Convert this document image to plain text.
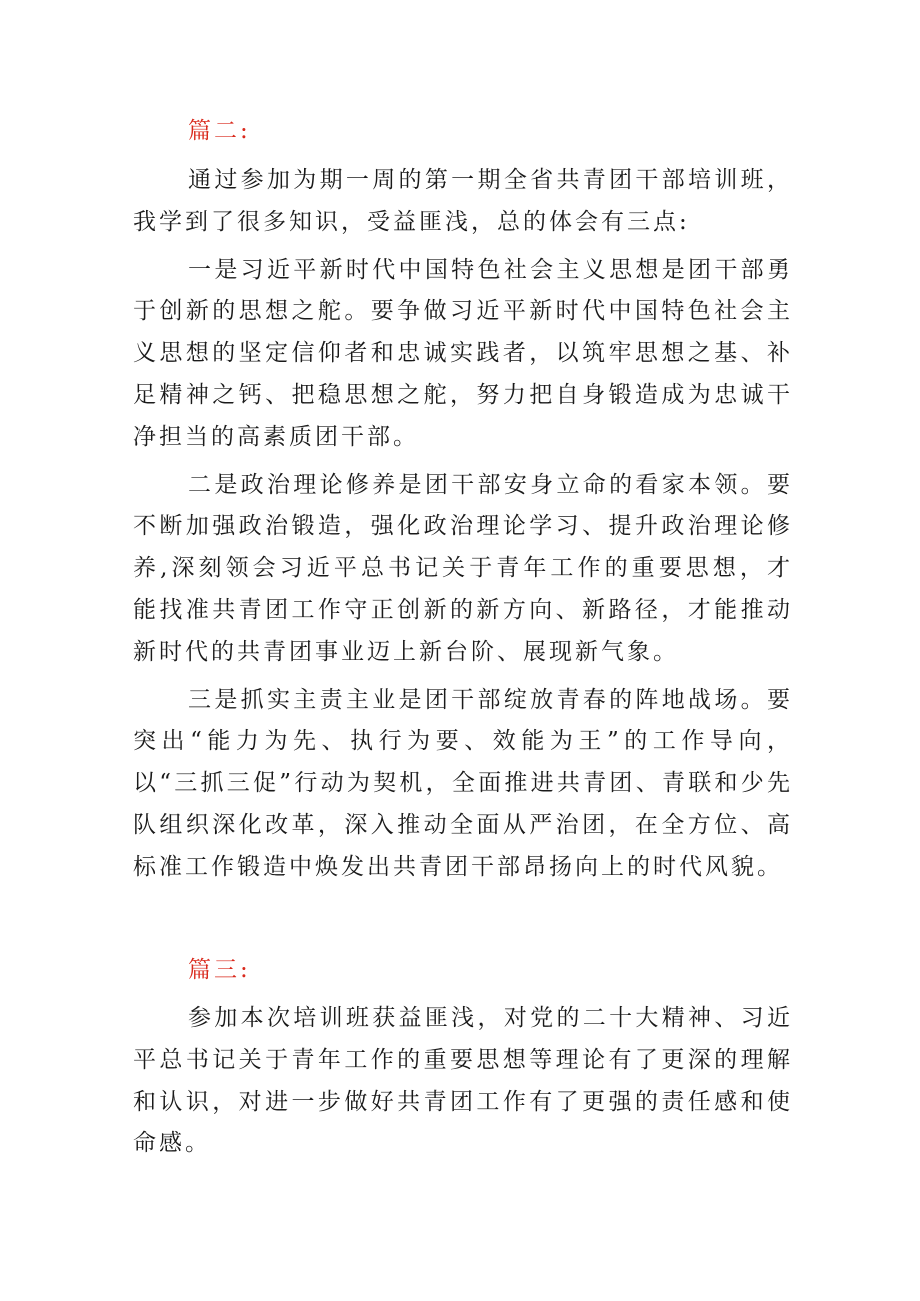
篇二:

通过参加为期一周的第一期全省共青团干部培训班，我学到了很多知识，受益匪浅，总的体会有三点:

一是习近平新时代中国特色社会主义思想是团干部勇于创新的思想之舵。要争做习近平新时代中国特色社会主义思想的坚定信仰者和忠诚实践者，以筑牢思想之基、补足精神之钙、把稳思想之舵，努力把自身锻造成为忠诚干净担当的高素质团干部。

二是政治理论修养是团干部安身立命的看家本领。要不断加强政治锻造，强化政治理论学习、提升政治理论修养,深刻领会习近平总书记关于青年工作的重要思想，才能找准共青团工作守正创新的新方向、新路径，才能推动新时代的共青团事业迈上新台阶、展现新气象。

三是抓实主责主业是团干部绽放青春的阵地战场。要突出“能力为先、执行为要、效能为王”的工作导向，以“三抓三促”行动为契机，全面推进共青团、青联和少先队组织深化改革，深入推动全面从严治团，在全方位、高标准工作锻造中焕发出共青团干部昂扬向上的时代风貌。

篇三:

参加本次培训班获益匪浅，对党的二十大精神、习近平总书记关于青年工作的重要思想等理论有了更深的理解和认识，对进一步做好共青团工作有了更强的责任感和使命感。
